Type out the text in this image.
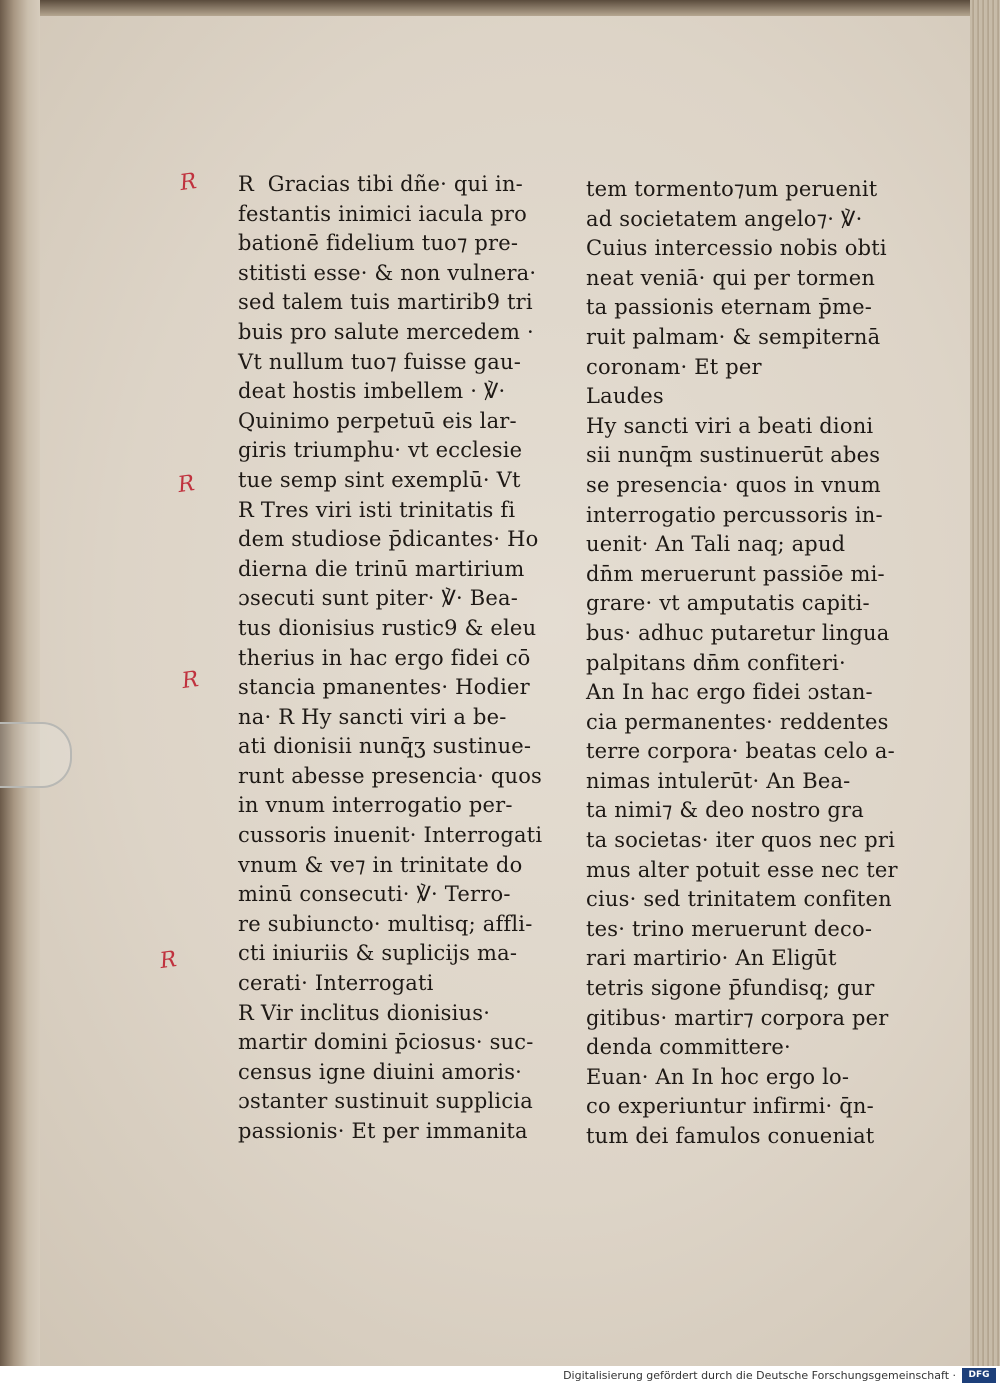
R
R
R
R
R  Gracias tibi dñe· qui in-
festantis inimici iacula pro
bationē fidelium tuo⁊ pre-
stitisti esse· & non vulnera·
sed talem tuis martirib9 tri
buis pro salute mercedem ·
Vt nullum tuo⁊ fuisse gau-
deat hostis imbellem · ℣·
Quinimo perpetuū eis lar-
giris triumphu· vt ecclesie
tue semp sint exemplū· Vt
R Tres viri isti trinitatis fi
dem studiose p̄dicantes· Ho
dierna die trinū martirium
ɔsecuti sunt piter· ℣· Bea-
tus dionisius rustic9 & eleu
therius in hac ergo fidei cō
stancia pmanentes· Hodier
na· R Hy sancti viri a be-
ati dionisii nunq̄ʒ sustinue-
runt abesse presencia· quos
in vnum interrogatio per-
cussoris inuenit· Interrogati
vnum & ve⁊ in trinitate do
minū consecuti· ℣· Terro-
re subiuncto· multisq; affli-
cti iniuriis & suplicijs ma-
cerati· Interrogati
R Vir inclitus dionisius·
martir domini p̄ciosus· suc-
census igne diuini amoris·
ɔstanter sustinuit supplicia
passionis· Et per immanita
tem tormento⁊um peruenit
ad societatem angelo⁊· ℣·
Cuius intercessio nobis obti
neat veniā· qui per tormen
ta passionis eternam p̄me-
ruit palmam· & sempiternā
coronam· Et per
Laudes
Hy sancti viri a beati dioni
sii nunq̄m sustinuerūt abes
se presencia· quos in vnum
interrogatio percussoris in-
uenit· An Tali naq; apud
dn̄m meruerunt passiōe mi-
grare· vt amputatis capiti-
bus· adhuc putaretur lingua
palpitans dn̄m confiteri·
An In hac ergo fidei ɔstan-
cia permanentes· reddentes
terre corpora· beatas celo a-
nimas intulerūt· An Bea-
ta nimi⁊ & deo nostro gra
ta societas· iter quos nec pri
mus alter potuit esse nec ter
cius· sed trinitatem confiten
tes· trino meruerunt deco-
rari martirio· An Eligūt
tetris sigone p̄fundisq; gur
gitibus· martir⁊ corpora per
denda committere·
Euan· An In hoc ergo lo-
co experiuntur infirmi· q̄n-
tum dei famulos conueniat
Digitalisierung gefördert durch die Deutsche Forschungsgemeinschaft ·	DFG
